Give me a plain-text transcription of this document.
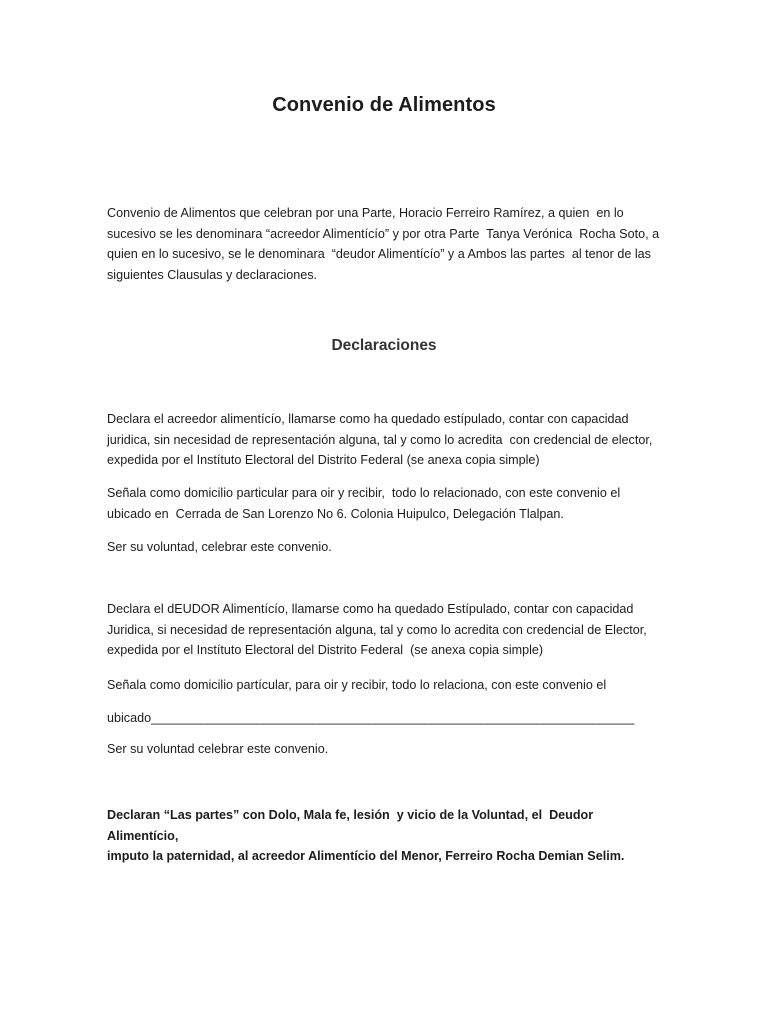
Convenio de Alimentos
Convenio de Alimentos que celebran por una Parte, Horacio Ferreiro Ramírez, a quien  en lo
sucesivo se les denominara “acreedor Alimentícío” y por otra Parte  Tanya Verónica  Rocha Soto, a
quien en lo sucesivo, se le denominara  “deudor Alimentícío” y a Ambos las partes  al tenor de las
siguientes Clausulas y declaraciones.
Declaraciones
Declara el acreedor alimentícío, llamarse como ha quedado estípulado, contar con capacidad
juridica, sin necesidad de representación alguna, tal y como lo acredita  con credencial de elector,
expedida por el Instítuto Electoral del Distrito Federal (se anexa copia simple)
Señala como domicilio particular para oir y recibir,  todo lo relacionado, con este convenio el
ubicado en  Cerrada de San Lorenzo No 6. Colonia Huipulco, Delegación Tlalpan.
Ser su voluntad, celebrar este convenio.
Declara el dEUDOR Alimentícío, llamarse como ha quedado Estípulado, contar con capacidad
Juridica, si necesidad de representación alguna, tal y como lo acredita con credencial de Elector,
expedida por el Instítuto Electoral del Distrito Federal  (se anexa copia simple)
Señala como domicilio partícular, para oir y recibir, todo lo relaciona, con este convenio el
ubicado_____________________________________________________________________
Ser su voluntad celebrar este convenio.
Declaran “Las partes” con Dolo, Mala fe, lesión  y vicio de la Voluntad, el  Deudor Alimentício,
imputo la paternidad, al acreedor Alimentício del Menor, Ferreiro Rocha Demian Selim.
